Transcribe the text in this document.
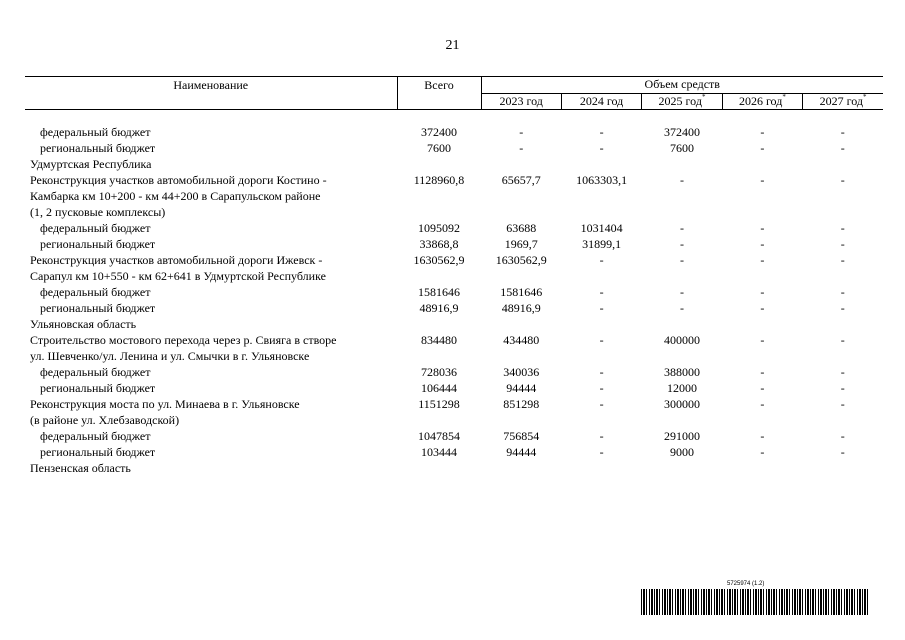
21
Наименование	Всего	Объем средств				
		2023 год	2024 год	2025 год*	2026 год*	2027 год*

федеральный бюджет	372400	-	-	372400	-	-
региональный бюджет	7600	-	-	7600	-	-
Удмуртская Республика						
Реконструкция участков автомобильной дороги Костино -
Камбарка км 10+200 - км 44+200 в Сарапульском районе
(1, 2 пусковые комплексы)	1128960,8	65657,7	1063303,1	-	-	-
федеральный бюджет	1095092	63688	1031404	-	-	-
региональный бюджет	33868,8	1969,7	31899,1	-	-	-
Реконструкция участков автомобильной дороги Ижевск -
Сарапул км 10+550 - км 62+641 в Удмуртской Республике	1630562,9	1630562,9	-	-	-	-
федеральный бюджет	1581646	1581646	-	-	-	-
региональный бюджет	48916,9	48916,9	-	-	-	-
Ульяновская область						
Строительство мостового перехода через р. Свияга в створе
ул. Шевченко/ул. Ленина и ул. Смычки в г. Ульяновске	834480	434480	-	400000	-	-
федеральный бюджет	728036	340036	-	388000	-	-
региональный бюджет	106444	94444	-	12000	-	-
Реконструкция моста по ул. Минаева в г. Ульяновске
(в районе ул. Хлебзаводской)	1151298	851298	-	300000	-	-
федеральный бюджет	1047854	756854	-	291000	-	-
региональный бюджет	103444	94444	-	9000	-	-
Пензенская область						
5725974 (1.2)
